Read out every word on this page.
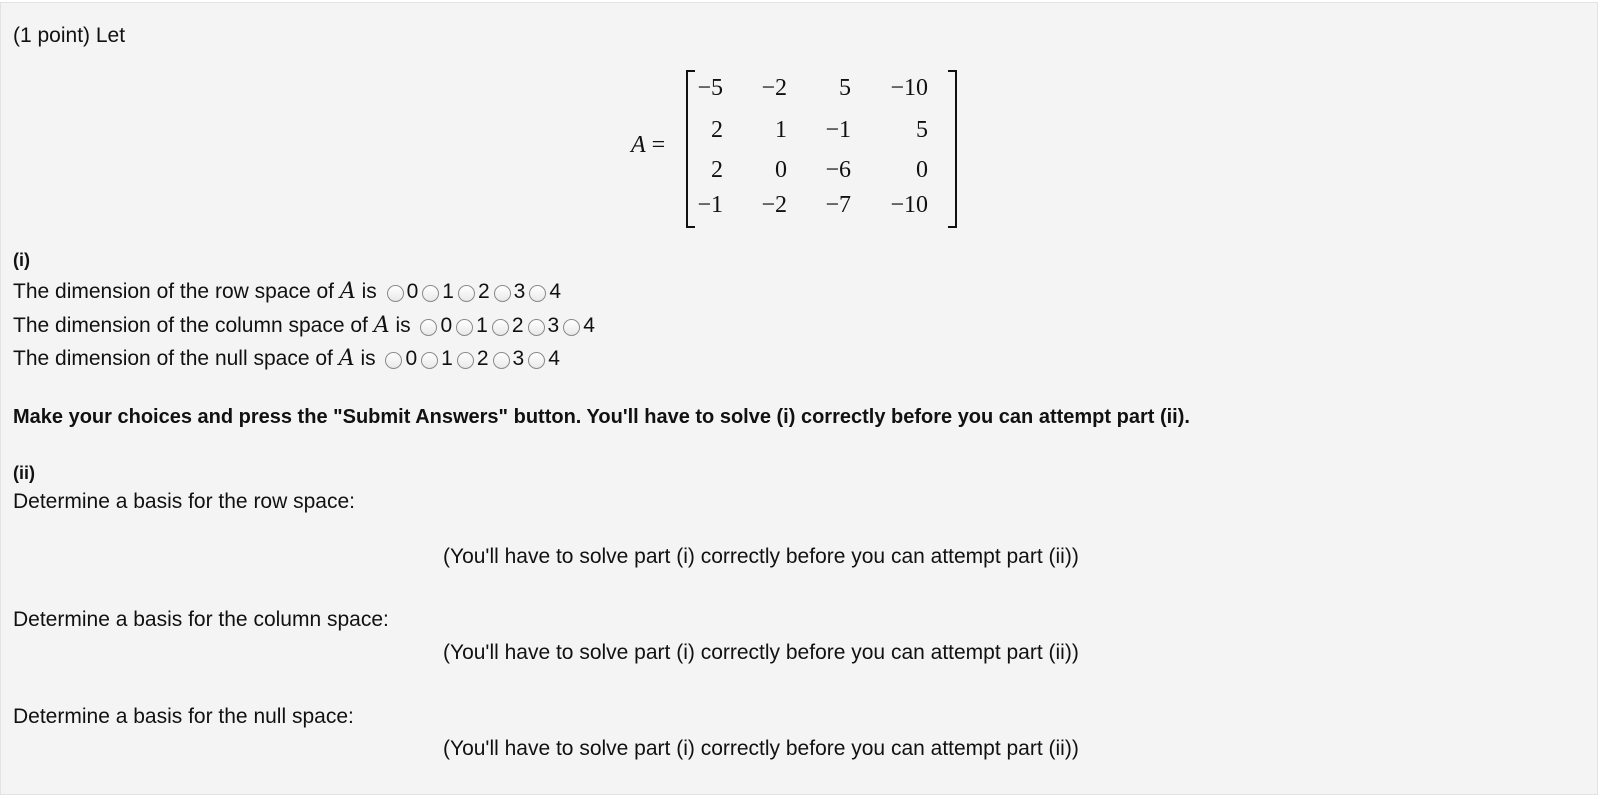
(1 point) Let
A =
−5 −2 5 −10
2 1 −1	5
2 0 −6	0
−1 −2 −7 −10
(i)
The dimension of the row space of A is 0 1 2 3 4
The dimension of the column space of A is 0 1 2 3 4
The dimension of the null space of A is 0 1 2 3 4
Make your choices and press the "Submit Answers" button. You'll have to solve (i) correctly before you can attempt part (ii).
(ii)
Determine a basis for the row space:
(You'll have to solve part (i) correctly before you can attempt part (ii))
Determine a basis for the column space:
(You'll have to solve part (i) correctly before you can attempt part (ii))
Determine a basis for the null space:
(You'll have to solve part (i) correctly before you can attempt part (ii))
